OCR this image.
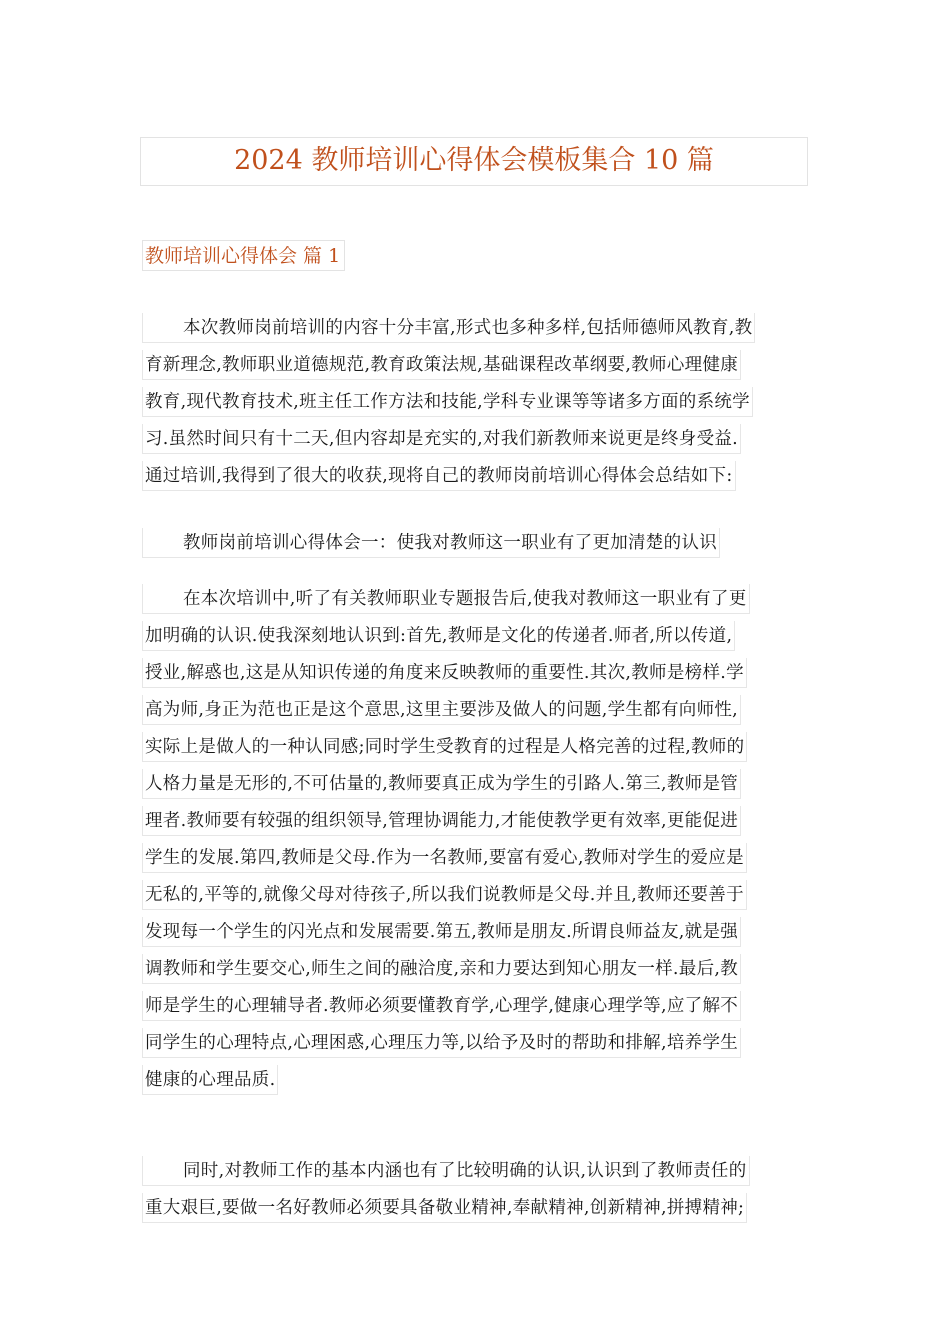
2024 教师培训心得体会模板集合 10 篇
教师培训心得体会 篇 1
本次教师岗前培训的内容十分丰富,形式也多种多样,包括师德师风教育,教
育新理念,教师职业道德规范,教育政策法规,基础课程改革纲要,教师心理健康
教育,现代教育技术,班主任工作方法和技能,学科专业课等等诸多方面的系统学
习.虽然时间只有十二天,但内容却是充实的,对我们新教师来说更是终身受益.
通过培训,我得到了很大的收获,现将自己的教师岗前培训心得体会总结如下:
教师岗前培训心得体会一：使我对教师这一职业有了更加清楚的认识
在本次培训中,听了有关教师职业专题报告后,使我对教师这一职业有了更
加明确的认识.使我深刻地认识到:首先,教师是文化的传递者.师者,所以传道,
授业,解惑也,这是从知识传递的角度来反映教师的重要性.其次,教师是榜样.学
高为师,身正为范也正是这个意思,这里主要涉及做人的问题,学生都有向师性,
实际上是做人的一种认同感;同时学生受教育的过程是人格完善的过程,教师的
人格力量是无形的,不可估量的,教师要真正成为学生的引路人.第三,教师是管
理者.教师要有较强的组织领导,管理协调能力,才能使教学更有效率,更能促进
学生的发展.第四,教师是父母.作为一名教师,要富有爱心,教师对学生的爱应是
无私的,平等的,就像父母对待孩子,所以我们说教师是父母.并且,教师还要善于
发现每一个学生的闪光点和发展需要.第五,教师是朋友.所谓良师益友,就是强
调教师和学生要交心,师生之间的融洽度,亲和力要达到知心朋友一样.最后,教
师是学生的心理辅导者.教师必须要懂教育学,心理学,健康心理学等,应了解不
同学生的心理特点,心理困惑,心理压力等,以给予及时的帮助和排解,培养学生
健康的心理品质.
同时,对教师工作的基本内涵也有了比较明确的认识,认识到了教师责任的
重大艰巨,要做一名好教师必须要具备敬业精神,奉献精神,创新精神,拼搏精神;
